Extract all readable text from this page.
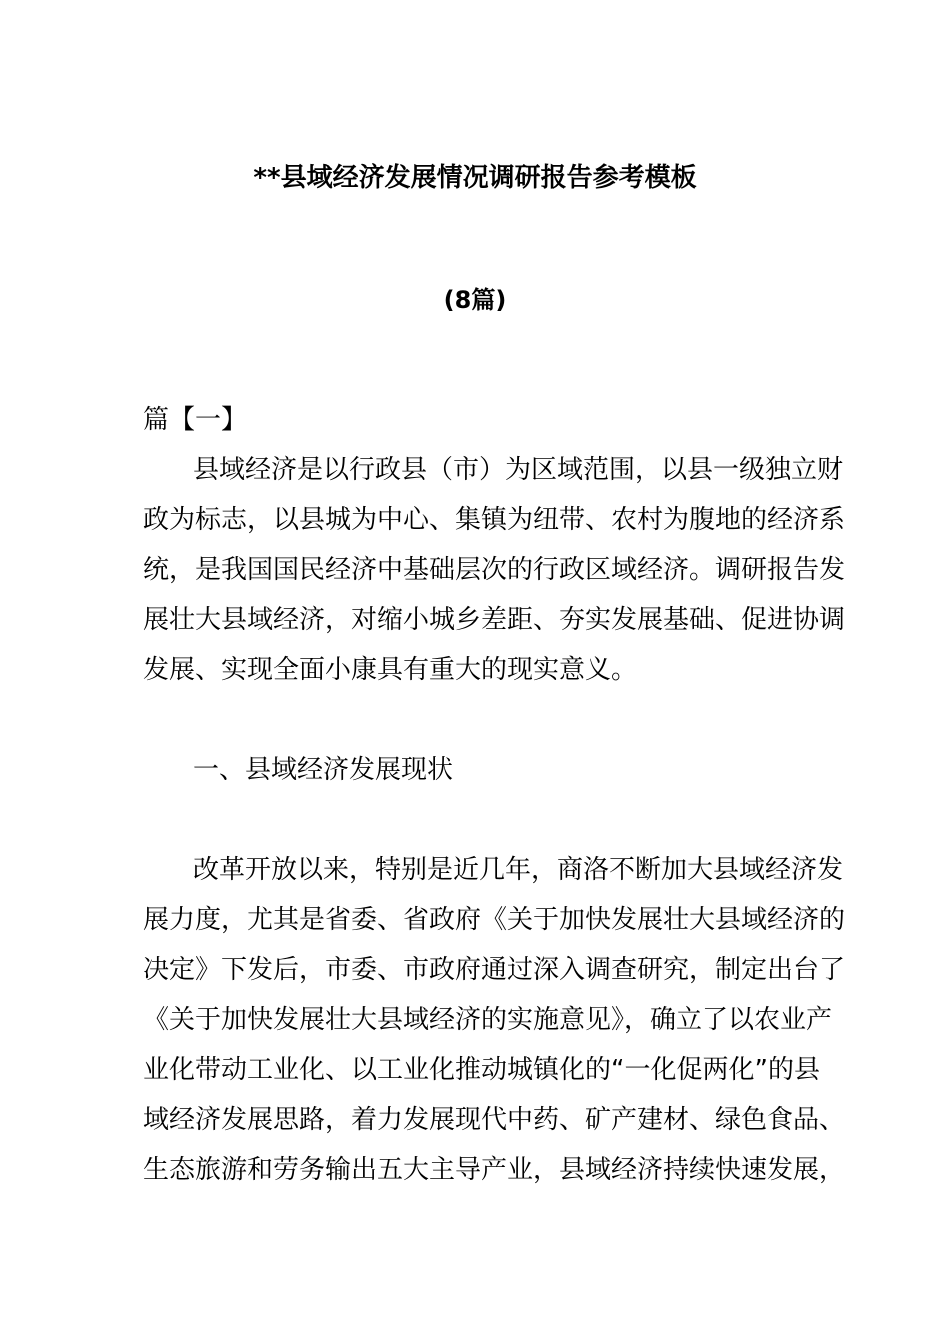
**县域经济发展情况调研报告参考模板
(8篇)
篇【一】
县域经济是以行政县（市）为区域范围，以县一级独立财
政为标志，以县城为中心、集镇为纽带、农村为腹地的经济系
统，是我国国民经济中基础层次的行政区域经济。调研报告发
展壮大县域经济，对缩小城乡差距、夯实发展基础、促进协调
发展、实现全面小康具有重大的现实意义。
一、县域经济发展现状
改革开放以来，特别是近几年，商洛不断加大县域经济发
展力度，尤其是省委、省政府《关于加快发展壮大县域经济的
决定》下发后，市委、市政府通过深入调查研究，制定出台了
《关于加快发展壮大县域经济的实施意见》，确立了以农业产
业化带动工业化、以工业化推动城镇化的“一化促两化”的县
域经济发展思路，着力发展现代中药、矿产建材、绿色食品、
生态旅游和劳务输出五大主导产业，县域经济持续快速发展，
